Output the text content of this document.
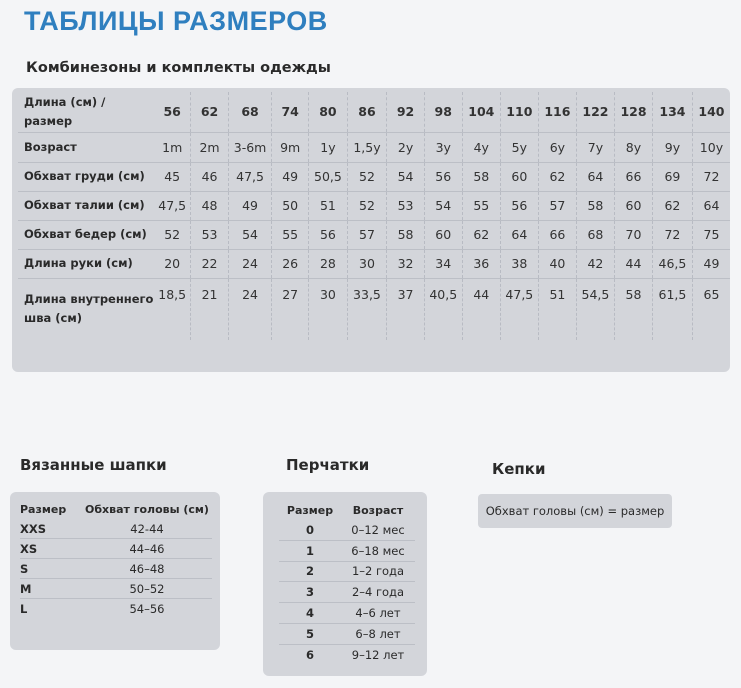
ТАБЛИЦЫ РАЗМЕРОВ
Комбинезоны и комплекты одежды
Длина (см) / размер	56	62	68	74	80	86	92	98	104	110	116	122	128	134	140
Возраст	1m	2m	3-6m	9m	1y	1,5y	2y	3y	4y	5y	6y	7y	8y	9y	10y
Обхват груди (см)	45	46	47,5	49	50,5	52	54	56	58	60	62	64	66	69	72
Обхват талии (см)	47,5	48	49	50	51	52	53	54	55	56	57	58	60	62	64
Обхват бедер (см)	52	53	54	55	56	57	58	60	62	64	66	68	70	72	75
Длина руки (см)	20	22	24	26	28	30	32	34	36	38	40	42	44	46,5	49
Длина внутреннего шва (см)	18,5	21	24	27	30	33,5	37	40,5	44	47,5	51	54,5	58	61,5	65
Вязанные шапки
Размер	Обхват головы (см)
XXS	42-44
XS	44–46
S	46–48
M	50–52
L	54–56
Перчатки
Размер	Возраст
0	0–12 мес
1	6–18 мес
2	1–2 года
3	2–4 года
4	4–6 лет
5	6–8 лет
6	9–12 лет
Кепки
Обхват головы (см) = размер
